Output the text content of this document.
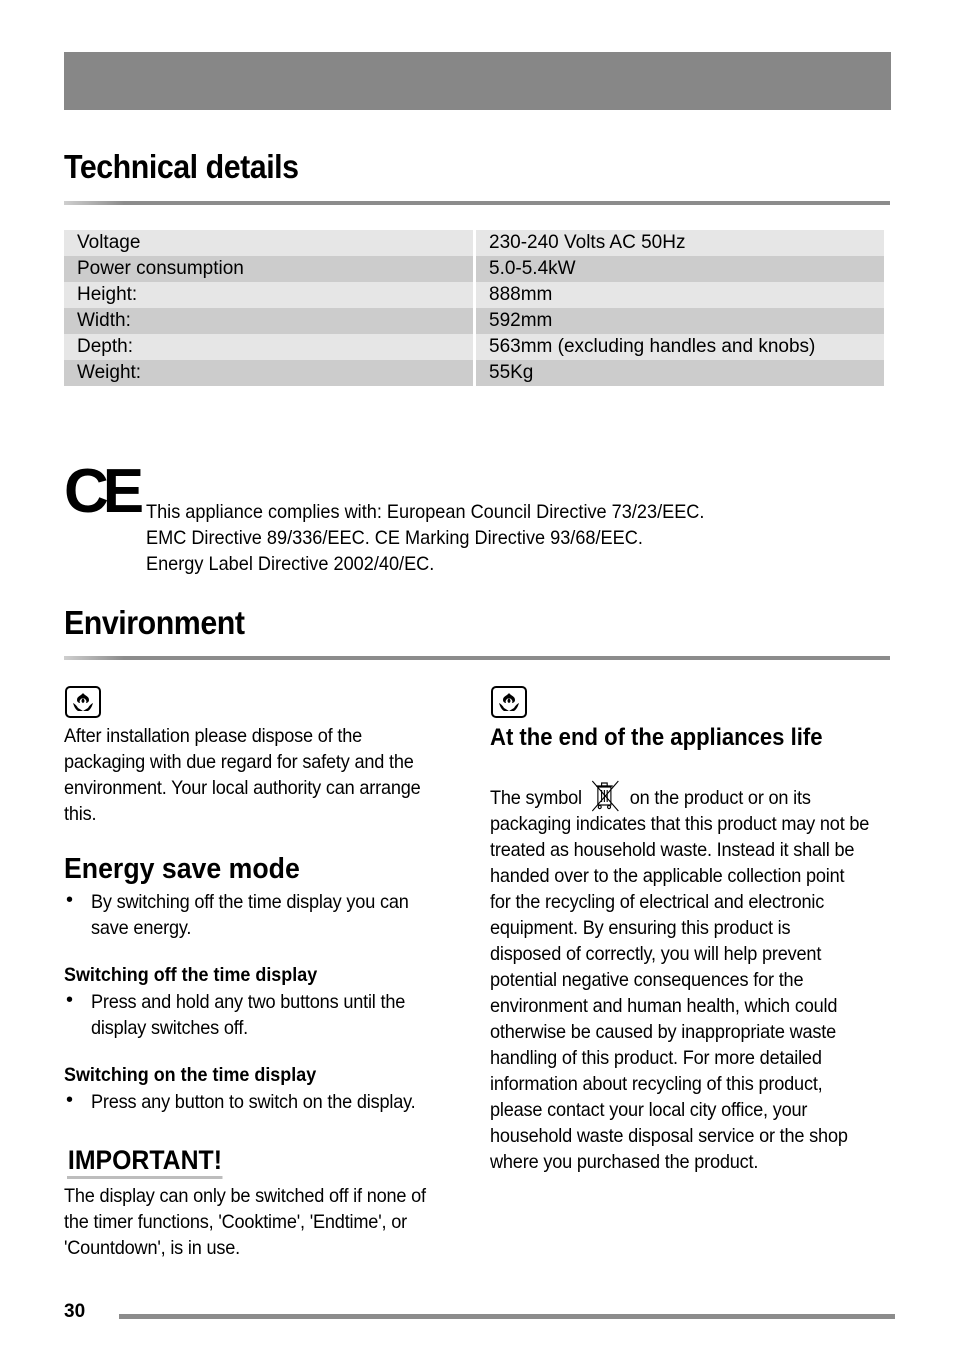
Technical details
Voltage	230-240 Volts AC 50Hz
Power consumption	5.0-5.4kW
Height:	888mm
Width:	592mm
Depth:	563mm (excluding handles and knobs)
Weight:	55Kg
CE This appliance complies with: European Council Directive 73/23/EEC.
EMC Directive 89/336/EEC. CE Marking Directive 93/68/EEC.
Energy Label Directive 2002/40/EC.
Environment
After installation please dispose of the
packaging with due regard for safety and the
environment. Your local authority can arrange
this.
Energy save mode
• By switching off the time display you can
save energy.
Switching off the time display
• Press and hold any two buttons until the
display switches off.
Switching on the time display
• Press any button to switch on the display.
IMPORTANT!
The display can only be switched off if none of
the timer functions, 'Cooktime', 'Endtime', or
'Countdown', is in use.
At the end of the appliances life
The symbol on the product or on its
packaging indicates that this product may not be
treated as household waste. Instead it shall be
handed over to the applicable collection point
for the recycling of electrical and electronic
equipment. By ensuring this product is
disposed of correctly, you will help prevent
potential negative consequences for the
environment and human health, which could
otherwise be caused by inappropriate waste
handling of this product. For more detailed
information about recycling of this product,
please contact your local city office, your
household waste disposal service or the shop
where you purchased the product.
30
